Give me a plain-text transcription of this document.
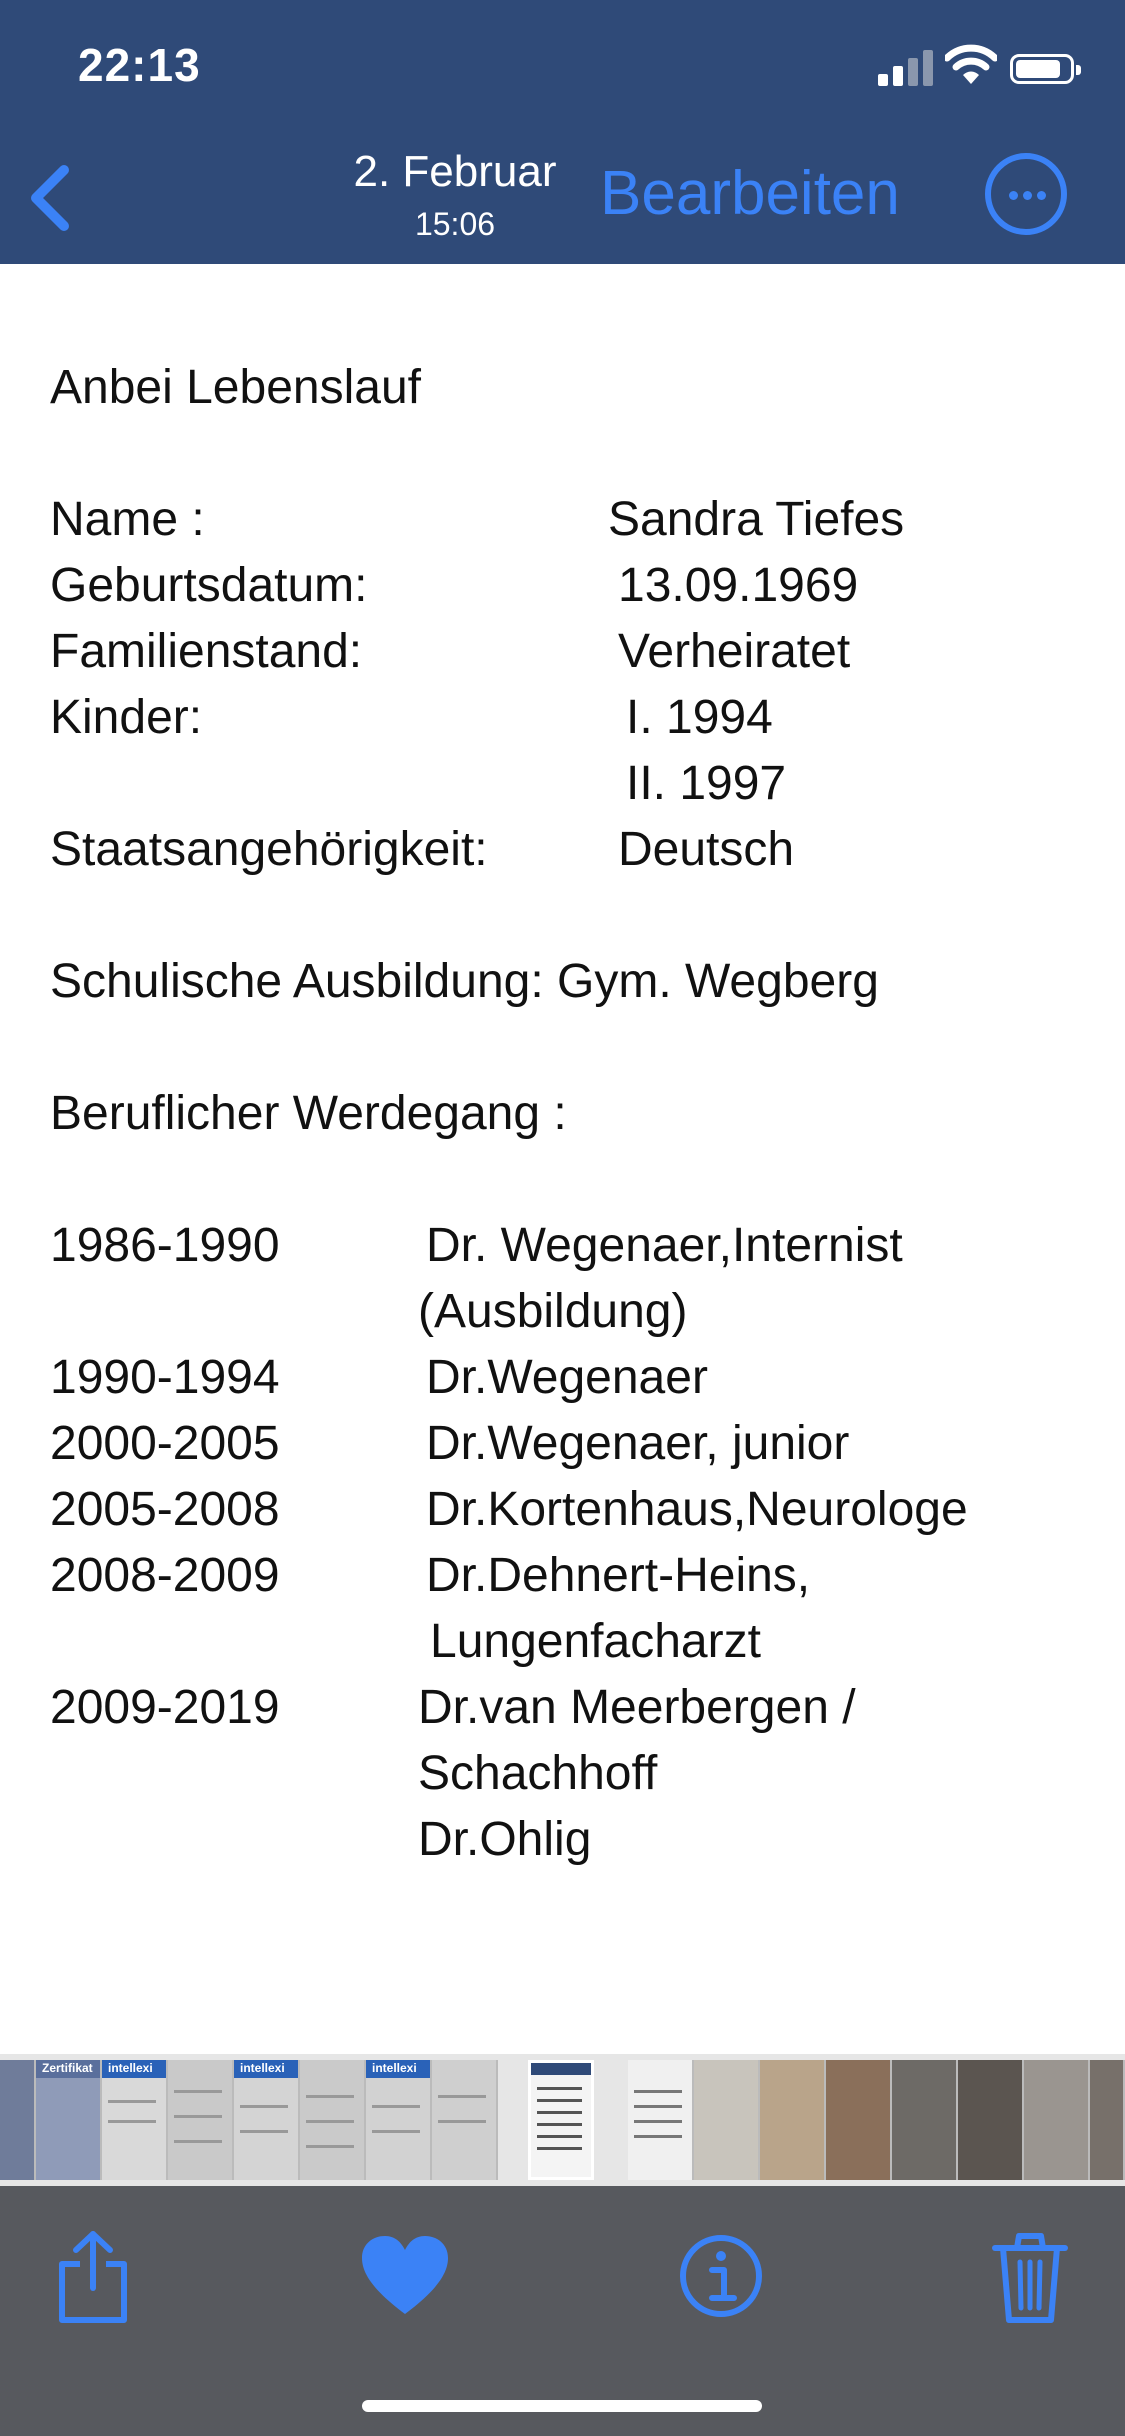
22:13
2. Februar
15:06	Bearbeiten
Anbei Lebenslauf
Name :	Sandra Tiefes
Geburtsdatum:	13.09.1969
Familienstand:	Verheiratet
Kinder:	I. 1994
II. 1997
Staatsangehörigkeit:	Deutsch
Schulische Ausbildung: Gym. Wegberg
Beruflicher Werdegang :
1986-1990	Dr. Wegenaer,Internist
(Ausbildung)
1990-1994	Dr.Wegenaer
2000-2005	Dr.Wegenaer, junior
2005-2008	Dr.Kortenhaus,Neurologe
2008-2009	Dr.Dehnert-Heins,
Lungenfacharzt
2009-2019	Dr.van Meerbergen /
Schachhoff
Dr.Ohlig
Zertifikat intellexi	intellexi	intellexi
